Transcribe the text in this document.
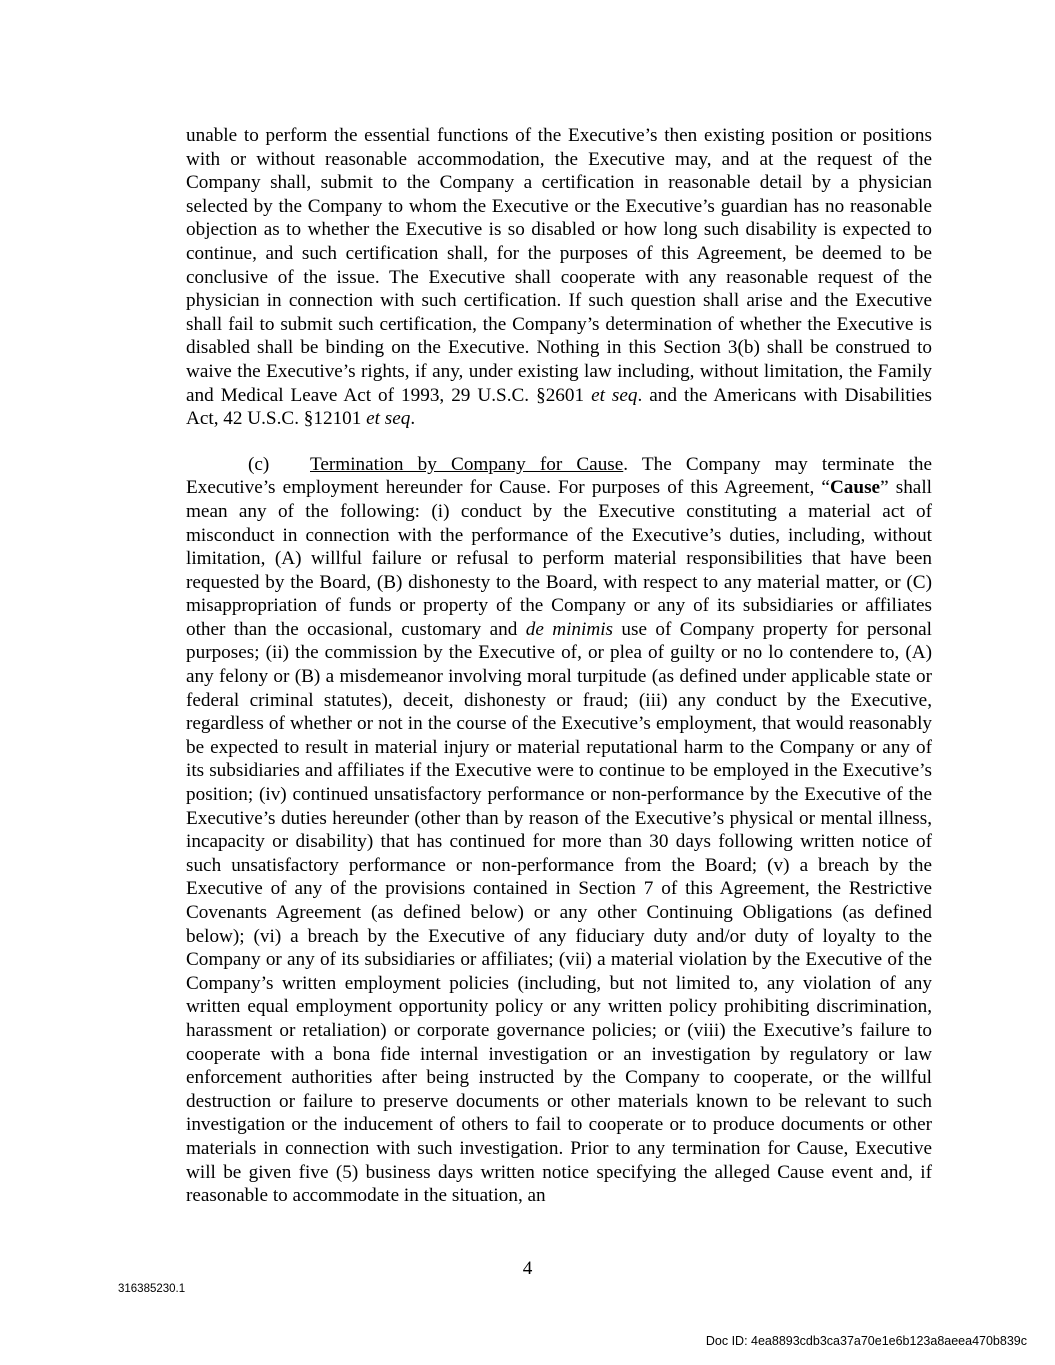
unable to perform the essential functions of the Executive’s then existing position or positions with or without reasonable accommodation, the Executive may, and at the request of the Company shall, submit to the Company a certification in reasonable detail by a physician selected by the Company to whom the Executive or the Executive’s guardian has no reasonable objection as to whether the Executive is so disabled or how long such disability is expected to continue, and such certification shall, for the purposes of this Agreement, be deemed to be conclusive of the issue. The Executive shall cooperate with any reasonable request of the physician in connection with such certification. If such question shall arise and the Executive shall fail to submit such certification, the Company’s determination of whether the Executive is disabled shall be binding on the Executive. Nothing in this Section 3(b) shall be construed to waive the Executive’s rights, if any, under existing law including, without limitation, the Family and Medical Leave Act of 1993, 29 U.S.C. §2601 et seq. and the Americans with Disabilities Act, 42 U.S.C. §12101 et seq.

(c) Termination by Company for Cause. The Company may terminate the Executive’s employment hereunder for Cause. For purposes of this Agreement, “Cause” shall mean any of the following: (i) conduct by the Executive constituting a material act of misconduct in connection with the performance of the Executive’s duties, including, without limitation, (A) willful failure or refusal to perform material responsibilities that have been requested by the Board, (B) dishonesty to the Board, with respect to any material matter, or (C) misappropriation of funds or property of the Company or any of its subsidiaries or affiliates other than the occasional, customary and de minimis use of Company property for personal purposes; (ii) the commission by the Executive of, or plea of guilty or no lo contendere to, (A) any felony or (B) a misdemeanor involving moral turpitude (as defined under applicable state or federal criminal statutes), deceit, dishonesty or fraud; (iii) any conduct by the Executive, regardless of whether or not in the course of the Executive’s employment, that would reasonably be expected to result in material injury or material reputational harm to the Company or any of its subsidiaries and affiliates if the Executive were to continue to be employed in the Executive’s position; (iv) continued unsatisfactory performance or non-performance by the Executive of the Executive’s duties hereunder (other than by reason of the Executive’s physical or mental illness, incapacity or disability) that has continued for more than 30 days following written notice of such unsatisfactory performance or non-performance from the Board; (v) a breach by the Executive of any of the provisions contained in Section 7 of this Agreement, the Restrictive Covenants Agreement (as defined below) or any other Continuing Obligations (as defined below); (vi) a breach by the Executive of any fiduciary duty and/or duty of loyalty to the Company or any of its subsidiaries or affiliates; (vii) a material violation by the Executive of the Company’s written employment policies (including, but not limited to, any violation of any written equal employment opportunity policy or any written policy prohibiting discrimination, harassment or retaliation) or corporate governance policies; or (viii) the Executive’s failure to cooperate with a bona fide internal investigation or an investigation by regulatory or law enforcement authorities after being instructed by the Company to cooperate, or the willful destruction or failure to preserve documents or other materials known to be relevant to such investigation or the inducement of others to fail to cooperate or to produce documents or other materials in connection with such investigation. Prior to any termination for Cause, Executive will be given five (5) business days written notice specifying the alleged Cause event and, if reasonable to accommodate in the situation, an

4
316385230.1
Doc ID: 4ea8893cdb3ca37a70e1e6b123a8aeea470b839c
